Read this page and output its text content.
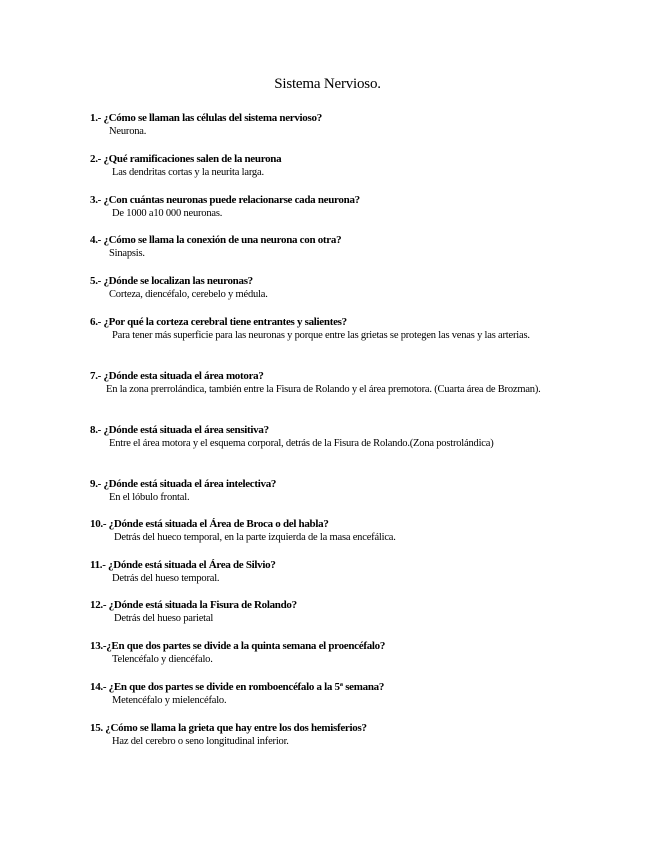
Sistema Nervioso.
1.- ¿Cómo se llaman las células del sistema nervioso?
Neurona.
2.- ¿Qué ramificaciones salen de la neurona
Las dendritas cortas y la neurita larga.
3.- ¿Con cuántas neuronas puede relacionarse cada neurona?
De 1000 a10 000 neuronas.
4.- ¿Cómo se llama la conexión de una neurona con otra?
Sinapsis.
5.- ¿Dónde se localizan las neuronas?
Corteza, diencéfalo, cerebelo y médula.
6.- ¿Por qué la corteza cerebral tiene entrantes y salientes?
Para tener más superficie para las neuronas y porque entre las grietas se protegen las venas y las arterias.
7.- ¿Dónde esta situada el área motora?
En la zona prerrolándica, también entre la Fisura de Rolando y el área premotora. (Cuarta área de Brozman).
8.- ¿Dónde está situada el área sensitiva?
Entre el área motora y el esquema corporal, detrás de la Fisura de Rolando.(Zona postrolándica)
9.- ¿Dónde está situada el área intelectiva?
En el lóbulo frontal.
10.- ¿Dónde está situada el Área de Broca o del habla?
Detrás del hueco temporal, en la parte izquierda de la masa encefálica.
11.- ¿Dónde está situada el Área de Silvio?
Detrás del hueso temporal.
12.- ¿Dónde está situada la Fisura de Rolando?
Detrás del hueso parietal
13.-¿En que dos partes se divide a la quinta semana el proencéfalo?
Telencéfalo y diencéfalo.
14.- ¿En que dos partes se divide en romboencéfalo a la 5ª semana?
Metencéfalo y mielencéfalo.
15. ¿Cómo se llama la grieta que hay entre los dos hemisferios?
Haz del cerebro o seno longitudinal inferior.
